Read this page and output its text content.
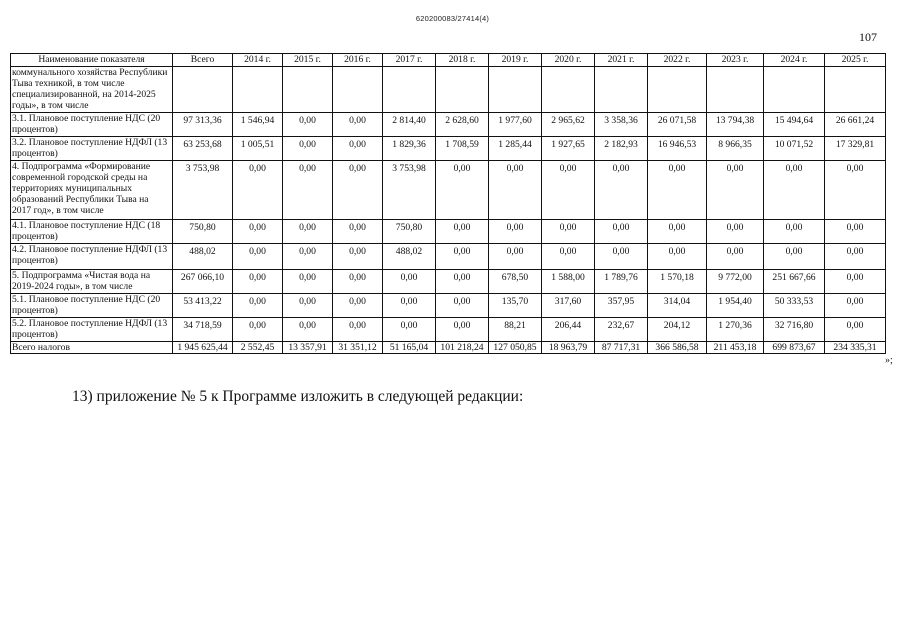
620200083/27414(4)
107
Наименование показателя	Всего	2014 г.	2015 г.	2016 г.	2017 г.	2018 г.	2019 г.	2020 г.	2021 г.	2022 г.	2023 г.	2024 г.	2025 г.
коммунального хозяйства Республики Тыва техникой, в том числе специализированной, на 2014-2025 годы», в том числе													
3.1. Плановое поступление НДС (20 процентов)	97 313,36	1 546,94	0,00	0,00	2 814,40	2 628,60	1 977,60	2 965,62	3 358,36	26 071,58	13 794,38	15 494,64	26 661,24
3.2. Плановое поступление НДФЛ (13 процентов)	63 253,68	1 005,51	0,00	0,00	1 829,36	1 708,59	1 285,44	1 927,65	2 182,93	16 946,53	8 966,35	10 071,52	17 329,81
4. Подпрограмма «Формирование современной городской среды на территориях муниципальных образований Республики Тыва на 2017 год», в том числе	3 753,98	0,00	0,00	0,00	3 753,98	0,00	0,00	0,00	0,00	0,00	0,00	0,00	0,00
4.1. Плановое поступление НДС (18 процентов)	750,80	0,00	0,00	0,00	750,80	0,00	0,00	0,00	0,00	0,00	0,00	0,00	0,00
4.2. Плановое поступление НДФЛ (13 процентов)	488,02	0,00	0,00	0,00	488,02	0,00	0,00	0,00	0,00	0,00	0,00	0,00	0,00
5. Подпрограмма «Чистая вода на 2019-2024 годы», в том числе	267 066,10	0,00	0,00	0,00	0,00	0,00	678,50	1 588,00	1 789,76	1 570,18	9 772,00	251 667,66	0,00
5.1. Плановое поступление НДС (20 процентов)	53 413,22	0,00	0,00	0,00	0,00	0,00	135,70	317,60	357,95	314,04	1 954,40	50 333,53	0,00
5.2. Плановое поступление НДФЛ (13 процентов)	34 718,59	0,00	0,00	0,00	0,00	0,00	88,21	206,44	232,67	204,12	1 270,36	32 716,80	0,00
Всего налогов	1 945 625,44	2 552,45	13 357,91	31 351,12	51 165,04	101 218,24	127 050,85	18 963,79	87 717,31	366 586,58	211 453,18	699 873,67	234 335,31
»;
13) приложение № 5 к Программе изложить в следующей редакции:
